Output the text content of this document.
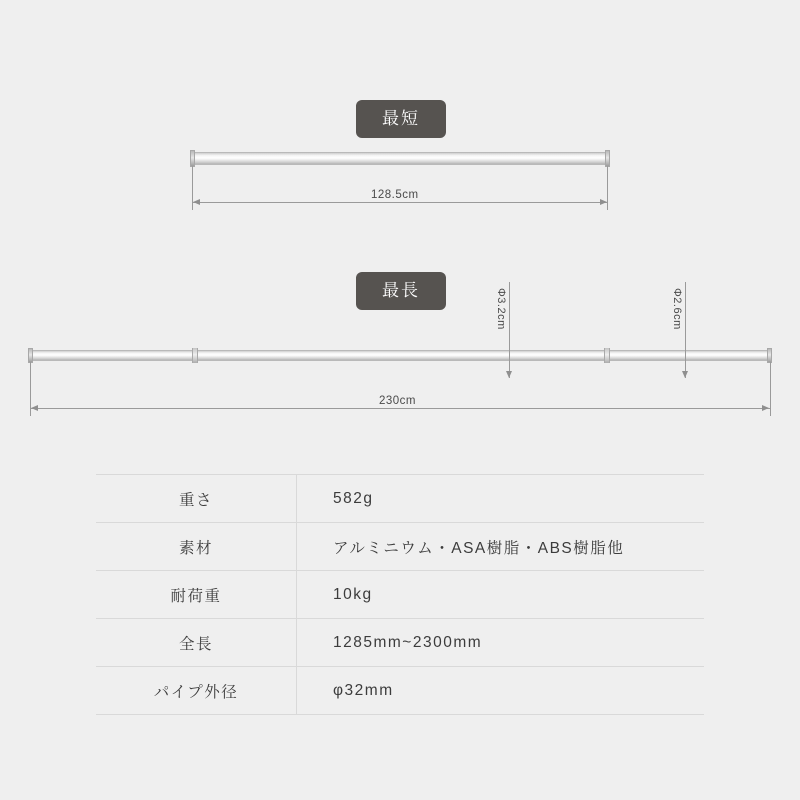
最短
128.5cm
最長	Φ3.2cm	Φ2.6cm
230cm
重さ	582g
素材	アルミニウム・ASA樹脂・ABS樹脂他
耐荷重	10kg
全長	1285mm~2300mm
パイプ外径	φ32mm
